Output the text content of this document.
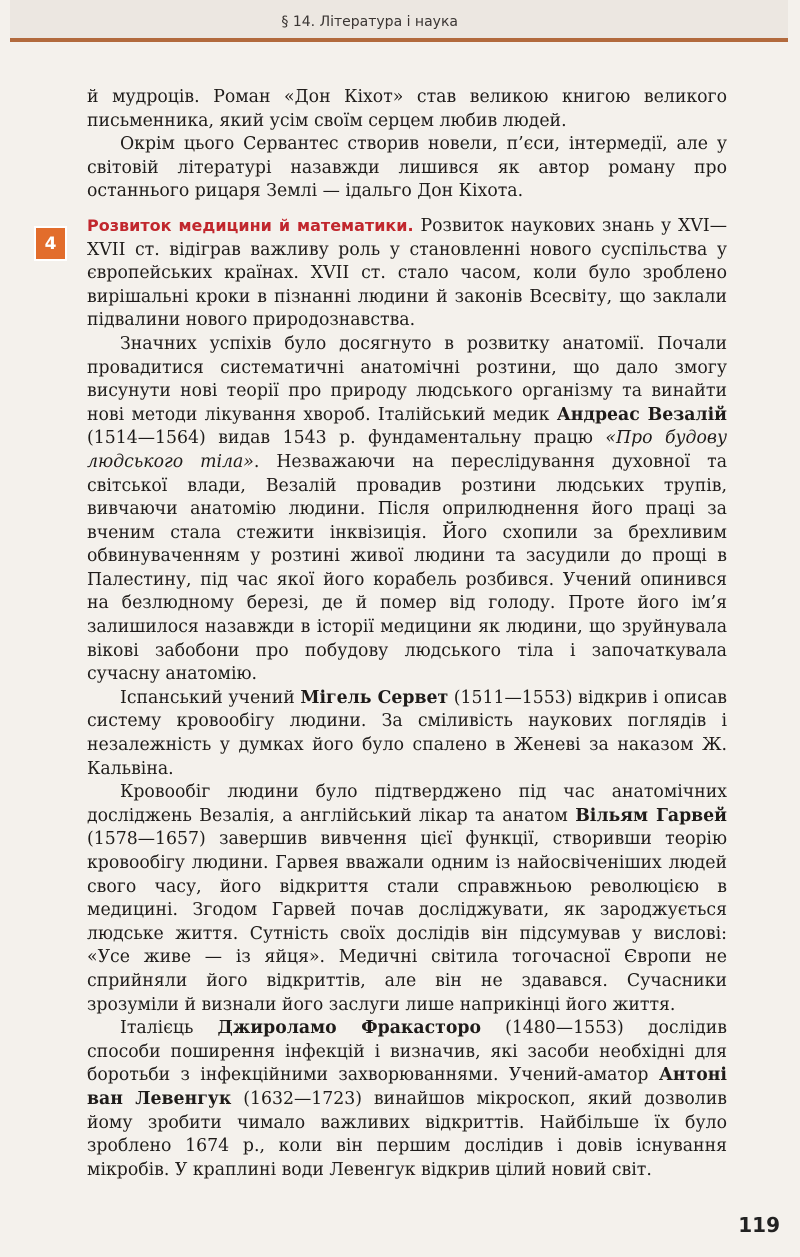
§ 14. Література і наука
4

й мудроців. Роман «Дон Кіхот» став великою книгою великого письменника, який усім своїм серцем любив людей.

Окрім цього Сервантес створив новели, п’єси, інтермедії, але у світовій літературі назавжди лишився як автор роману про останнього рицаря Землі — ідальго Дон Кіхота.

Розвиток медицини й математики. Розвиток наукових знань у XVI—XVII ст. відіграв важливу роль у становленні нового суспільства у європейських країнах. XVII ст. стало часом, коли було зроблено вирішальні кроки в пізнанні людини й законів Всесвіту, що заклали підвалини нового природознавства.

Значних успіхів було досягнуто в розвитку анатомії. Почали провадитися систематичні анатомічні розтини, що дало змогу висунути нові теорії про природу людського організму та винайти нові методи лікування хвороб. Італійський медик Андреас Везалій (1514—1564) видав 1543 р. фундаментальну працю «Про будову людського тіла». Незважаючи на переслідування духовної та світської влади, Везалій провадив розтини людських трупів, вивчаючи анатомію людини. Після оприлюднення його праці за вченим стала стежити інквізиція. Його схопили за брехливим обвинуваченням у розтині живої людини та засудили до прощі в Палестину, під час якої його корабель розбився. Учений опинився на безлюдному березі, де й помер від голоду. Проте його ім’я залишилося назавжди в історії медицини як людини, що зруйнувала вікові забобони про побудову людського тіла і започаткувала сучасну анатомію.

Іспанський учений Мігель Сервет (1511—1553) відкрив і описав систему кровообігу людини. За сміливість наукових поглядів і незалежність у думках його було спалено в Женеві за наказом Ж. Кальвіна.

Кровообіг людини було підтверджено під час анатомічних досліджень Везалія, а англійський лікар та анатом Вільям Гарвей (1578—1657) завершив вивчення цієї функції, створивши теорію кровообігу людини. Гарвея вважали одним із найосвіченіших людей свого часу, його відкриття стали справжньою революцією в медицині. Згодом Гарвей почав досліджувати, як зароджується людське життя. Сутність своїх дослідів він підсумував у вислові: «Усе живе — із яйця». Медичні світила тогочасної Європи не сприйняли його відкриттів, але він не здавався. Сучасники зрозуміли й визнали його заслуги лише наприкінці його життя.

Італієць Джироламо Фракасторо (1480—1553) дослідив способи поширення інфекцій і визначив, які засоби необхідні для боротьби з інфекційними захворюваннями. Учений-аматор Антоні ван Левенгук (1632—1723) винайшов мікроскоп, який дозволив йому зробити чимало важливих відкриттів. Найбільше їх було зроблено 1674 р., коли він першим дослідив і довів існування мікробів. У краплині води Левенгук відкрив цілий новий світ.

119
